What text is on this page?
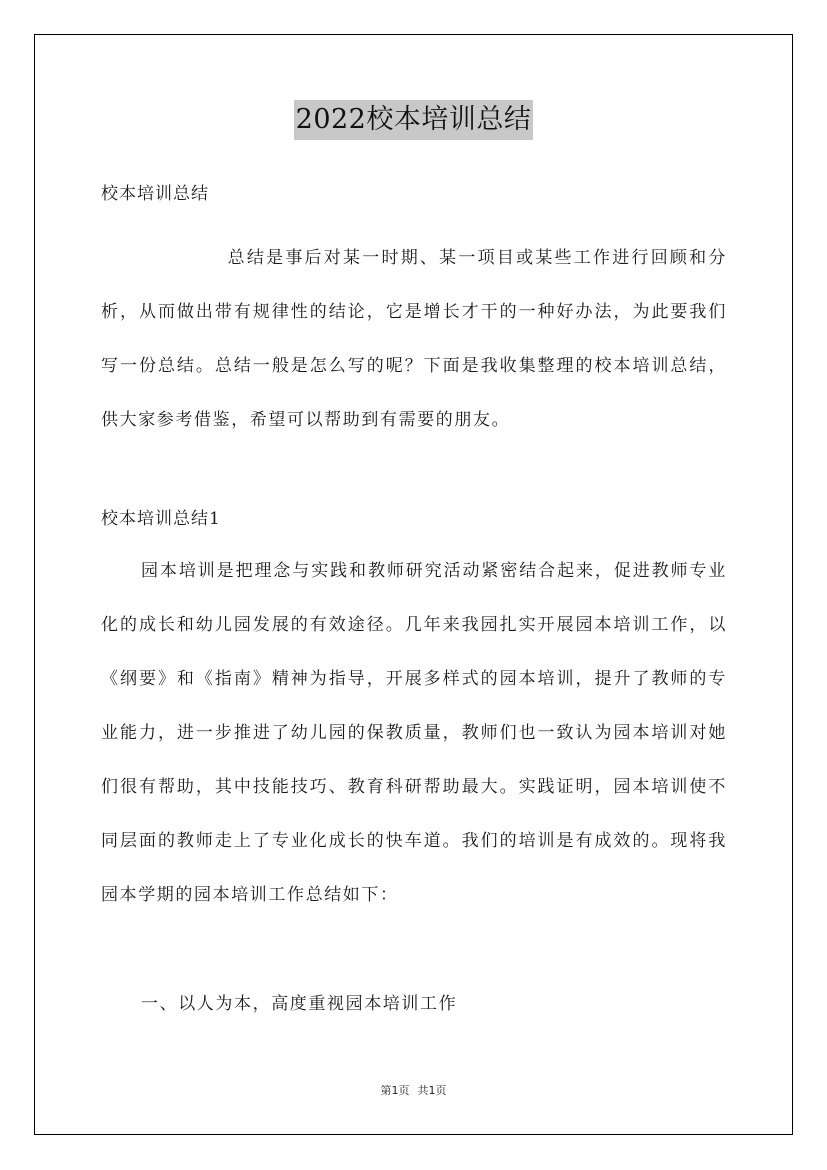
2022校本培训总结
校本培训总结

总结是事后对某一时期、某一项目或某些工作进行回顾和分析，从而做出带有规律性的结论，它是增长才干的一种好办法，为此要我们写一份总结。总结一般是怎么写的呢？下面是我收集整理的校本培训总结，供大家参考借鉴，希望可以帮助到有需要的朋友。

校本培训总结1

园本培训是把理念与实践和教师研究活动紧密结合起来，促进教师专业化的成长和幼儿园发展的有效途径。几年来我园扎实开展园本培训工作，以《纲要》和《指南》精神为指导，开展多样式的园本培训，提升了教师的专业能力，进一步推进了幼儿园的保教质量，教师们也一致认为园本培训对她们很有帮助，其中技能技巧、教育科研帮助最大。实践证明，园本培训使不同层面的教师走上了专业化成长的快车道。我们的培训是有成效的。现将我园本学期的园本培训工作总结如下：

一、以人为本，高度重视园本培训工作
第1页 共1页
